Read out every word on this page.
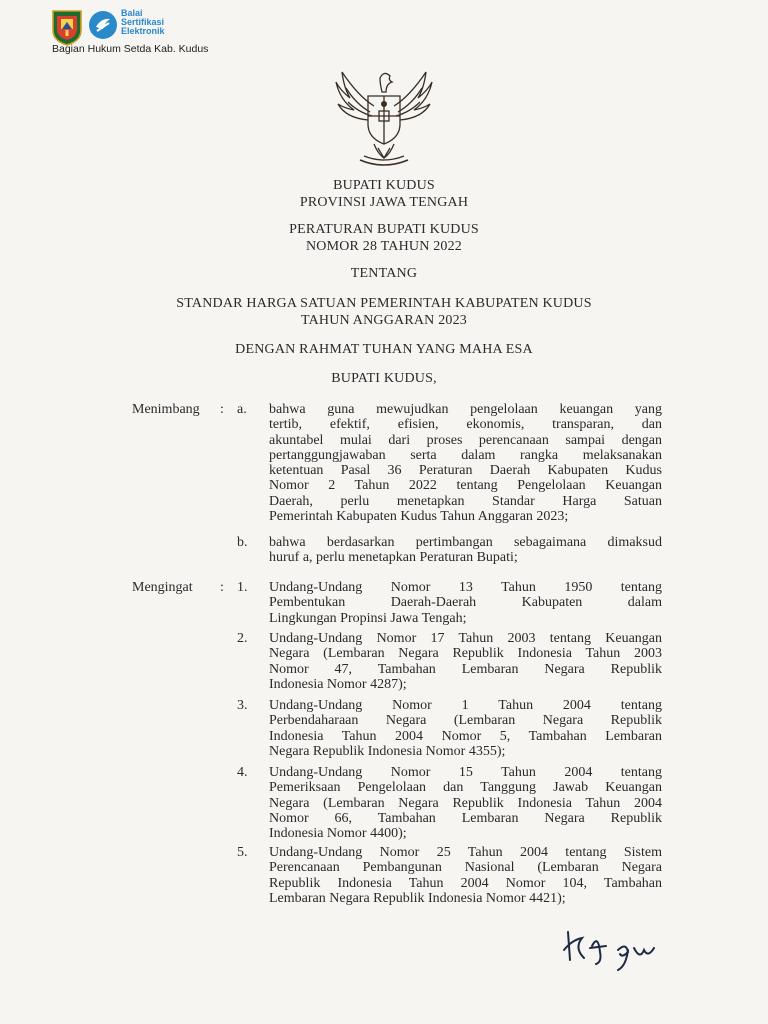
Balai
Sertifikasi
Elektronik
Bagian Hukum Setda Kab. Kudus
BUPATI KUDUS
PROVINSI JAWA TENGAH
PERATURAN BUPATI KUDUS
NOMOR 28 TAHUN 2022
TENTANG
STANDAR HARGA SATUAN PEMERINTAH KABUPATEN KUDUS
TAHUN ANGGARAN 2023
DENGAN RAHMAT TUHAN YANG MAHA ESA
BUPATI KUDUS,
Menimbang : a. bahwa guna mewujudkan pengelolaan keuangan yang
tertib, efektif, efisien, ekonomis, transparan, dan
akuntabel mulai dari proses perencanaan sampai dengan
pertanggungjawaban serta dalam rangka melaksanakan
ketentuan Pasal 36 Peraturan Daerah Kabupaten Kudus
Nomor 2 Tahun 2022 tentang Pengelolaan Keuangan
Daerah, perlu menetapkan Standar Harga Satuan
Pemerintah Kabupaten Kudus Tahun Anggaran 2023;
b. bahwa berdasarkan pertimbangan sebagaimana dimaksud
huruf a, perlu menetapkan Peraturan Bupati;
Mengingat : 1. Undang-Undang Nomor 13 Tahun 1950 tentang
Pembentukan Daerah-Daerah Kabupaten dalam
Lingkungan Propinsi Jawa Tengah;
2. Undang-Undang Nomor 17 Tahun 2003 tentang Keuangan
Negara (Lembaran Negara Republik Indonesia Tahun 2003
Nomor 47, Tambahan Lembaran Negara Republik
Indonesia Nomor 4287);
3. Undang-Undang Nomor 1 Tahun 2004 tentang
Perbendaharaan Negara (Lembaran Negara Republik
Indonesia Tahun 2004 Nomor 5, Tambahan Lembaran
Negara Republik Indonesia Nomor 4355);
4. Undang-Undang Nomor 15 Tahun 2004 tentang
Pemeriksaan Pengelolaan dan Tanggung Jawab Keuangan
Negara (Lembaran Negara Republik Indonesia Tahun 2004
Nomor 66, Tambahan Lembaran Negara Republik
Indonesia Nomor 4400);
5. Undang-Undang Nomor 25 Tahun 2004 tentang Sistem
Perencanaan Pembangunan Nasional (Lembaran Negara
Republik Indonesia Tahun 2004 Nomor 104, Tambahan
Lembaran Negara Republik Indonesia Nomor 4421);
